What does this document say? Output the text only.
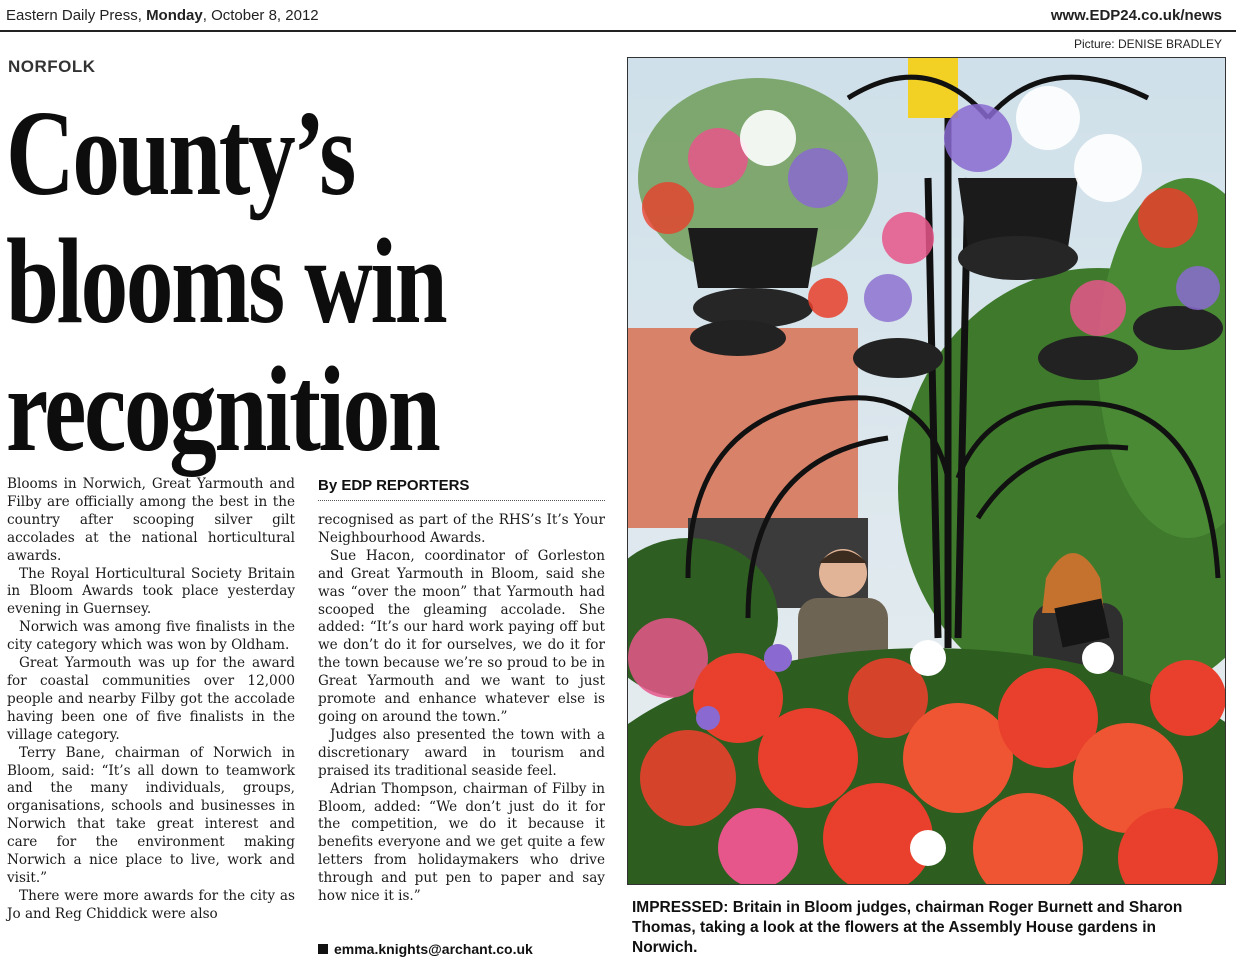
Eastern Daily Press, Monday, October 8, 2012	www.EDP24.co.uk/news
Picture: DENISE BRADLEY
NORFOLK
County’s
blooms win
recognition

Blooms in Norwich, Great Yarmouth and Filby are officially among the best in the country after scooping silver gilt accolades at the national horticultural awards.

The Royal Horticultural Society Britain in Bloom Awards took place yesterday evening in Guernsey.

Norwich was among five finalists in the city category which was won by Oldham.

Great Yarmouth was up for the award for coastal communities over 12,000 people and nearby Filby got the accolade having been one of five finalists in the village category.

Terry Bane, chairman of Norwich in Bloom, said: “It’s all down to teamwork and the many individuals, groups, organisations, schools and businesses in Norwich that take great interest and care for the environment making Norwich a nice place to live, work and visit.”

There were more awards for the city as Jo and Reg Chiddick were also

By EDP REPORTERS

recognised as part of the RHS’s It’s Your Neighbourhood Awards.

Sue Hacon, coordinator of Gorleston and Great Yarmouth in Bloom, said she was “over the moon” that Yarmouth had scooped the gleaming accolade. She added: “It’s our hard work paying off but we don’t do it for ourselves, we do it for the town because we’re so proud to be in Great Yarmouth and we want to just promote and enhance whatever else is going on around the town.”

Judges also presented the town with a discretionary award in tourism and praised its traditional seaside feel.

Adrian Thompson, chairman of Filby in Bloom, added: “We don’t just do it for the competition, we do it because it benefits everyone and we get quite a few letters from holidaymakers who drive through and put pen to paper and say how nice it is.”

emma.knights@archant.co.uk
IMPRESSED: Britain in Bloom judges, chairman Roger Burnett and Sharon Thomas, taking a look at the flowers at the Assembly House gardens in Norwich.
